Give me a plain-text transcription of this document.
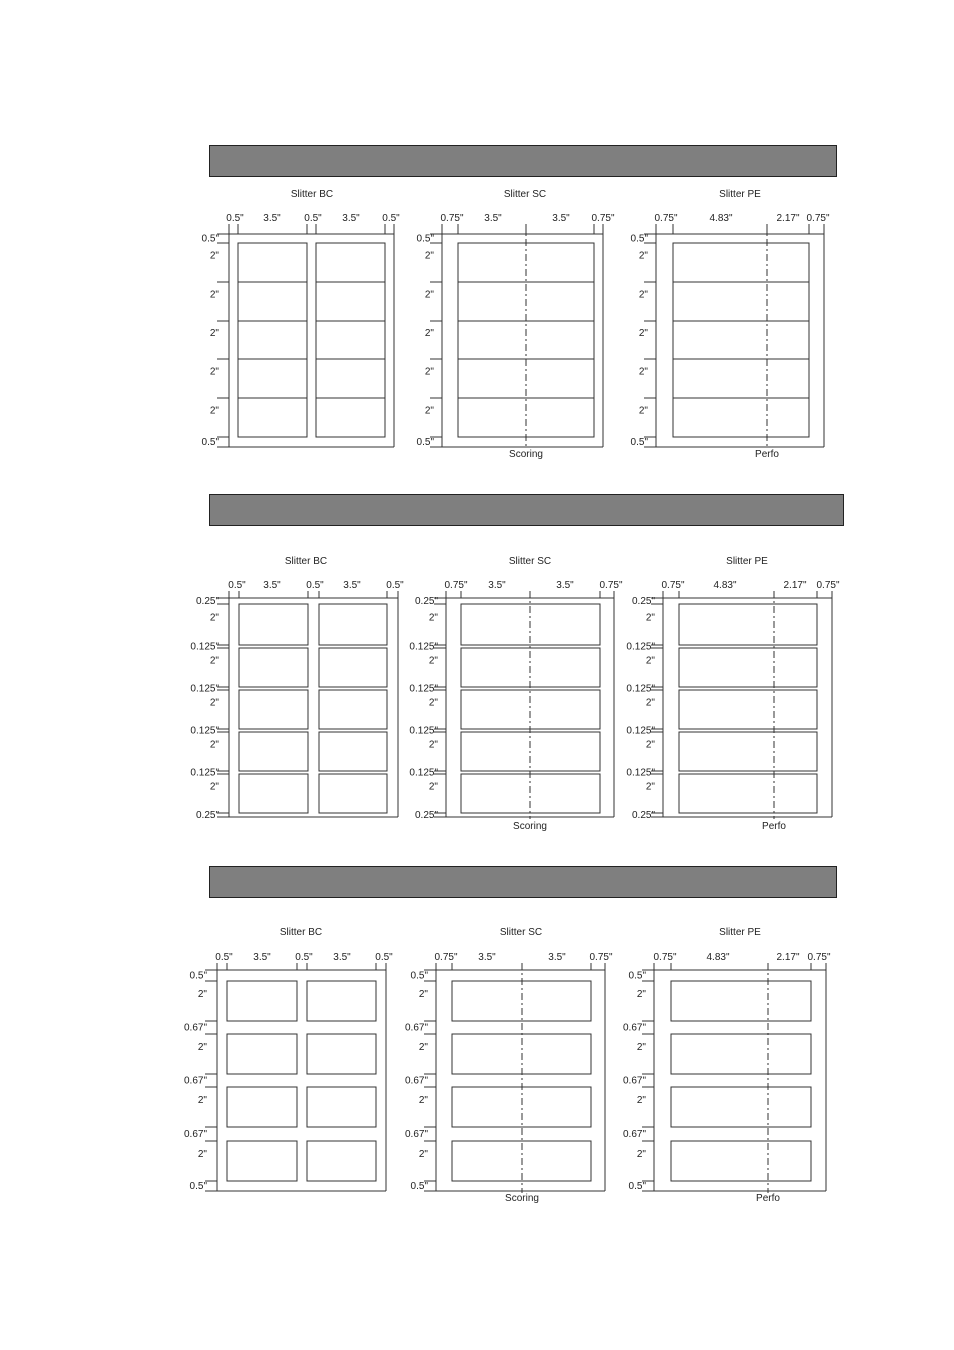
Slitter BC
0.5" 3.5" 0.5" 3.5" 0.5"
0.5"
2"
2"
2"
2"
2"
0.5"
Slitter SC
0.75" 3.5"	3.5" 0.75"
0.5"
2"
2"
2"
2"
2"
0.5"
Scoring
Slitter PE
0.75"	4.83"	2.17" 0.75"
0.5"
2"
2"
2"
2"
2"
0.5"
Perfo
Slitter BC
0.5" 3.5"	0.5" 3.5"	0.5"
0.25"
2"
0.125"
2"
0.125"
2"
0.125"
2"
0.125"
2"
0.25"
Slitter SC
0.75" 3.5"	3.5"	0.75"
0.25"
2"
0.125"
2"
0.125"
2"
0.125"
2"
0.125"
2"
0.25"
Scoring
Slitter PE
0.75"	4.83"	2.17" 0.75"
0.25"
2"
0.125"
2"
0.125"
2"
0.125"
2"
0.125"
2"
0.25"
Perfo
Slitter BC
0.5" 3.5" 0.5" 3.5" 0.5"
0.5"
2"
0.67"
2"
0.67"
2"
0.67"
2"
0.5"
Slitter SC
0.75" 3.5"	3.5" 0.75"
0.5"
2"
0.67"
2"
0.67"
2"
0.67"
2"
0.5"
Scoring
Slitter PE
0.75"	4.83"	2.17" 0.75"
0.5"
2"
0.67"
2"
0.67"
2"
0.67"
2"
0.5"
Perfo
